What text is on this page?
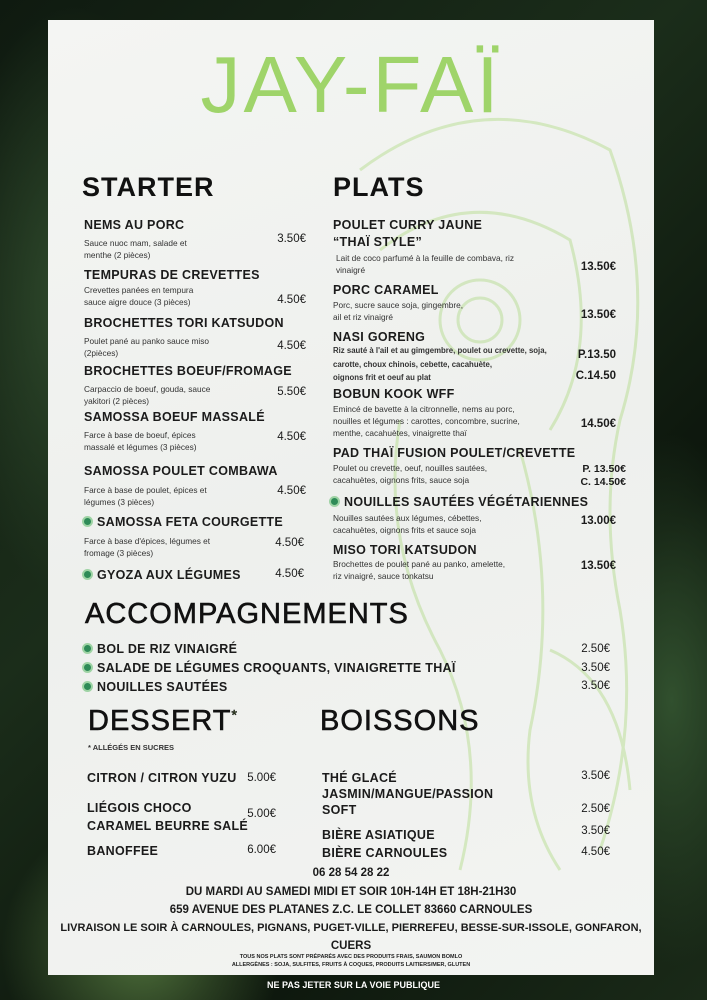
JAY-FAÏ
STARTER
NEMS AU PORC
Sauce nuoc mam, salade et
menthe (2 pièces)
3.50€
TEMPURAS DE CREVETTES
Crevettes panées en tempura
sauce aigre douce (3 pièces)	4.50€
BROCHETTES TORI KATSUDON
Poulet pané au panko sauce miso
(2pièces)
4.50€
BROCHETTES BOEUF/FROMAGE
Carpaccio de boeuf, gouda, sauce
yakitori (2 pièces)
5.50€
SAMOSSA BOEUF MASSALÉ
Farce à base de boeuf, épices
massalé et légumes (3 pièces)
4.50€
SAMOSSA POULET COMBAWA
Farce à base de poulet, épices et
légumes (3 pièces)
4.50€
SAMOSSA FETA COURGETTE
Farce à base d'épices, légumes et
fromage (3 pièces)
4.50€
GYOZA AUX LÉGUMES	4.50€
PLATS
POULET CURRY JAUNE
“THAÏ STYLE”
Lait de coco parfumé à la feuille de combava, riz
vinaigré	13.50€
PORC CARAMEL
Porc, sucre sauce soja, gingembre,
ail et riz vinaigré	13.50€
NASI GORENG
Riz sauté à l'ail et au gimgembre, poulet ou crevette, soja,
carotte, choux chinois, cebette, cacahuète,
oignons frit et oeuf au plat
P.13.50
C.14.50
BOBUN KOOK WFF
Emincé de bavette à la citronnelle, nems au porc,
nouilles et légumes : carottes, concombre, sucrine,
menthe, cacahuètes, vinaigrette thaï
14.50€
PAD THAÏ FUSION POULET/CREVETTE
Poulet ou crevette, oeuf, nouilles sautées,
cacahuètes, oignons frits, sauce soja
P. 13.50€
C. 14.50€
NOUILLES SAUTÉES VÉGÉTARIENNES
Nouilles sautées aux légumes, cébettes,
cacahuètes, oignons frits et sauce soja
13.00€
MISO TORI KATSUDON
Brochettes de poulet pané au panko, amelette,
riz vinaigré, sauce tonkatsu
13.50€
ACCOMPAGNEMENTS
BOL DE RIZ VINAIGRÉ	2.50€
SALADE DE LÉGUMES CROQUANTS, VINAIGRETTE THAÏ	3.50€
NOUILLES SAUTÉES	3.50€
DESSERT*
* ALLÉGÉS EN SUCRES
CITRON / CITRON YUZU 5.00€
LIÉGOIS CHOCO
CARAMEL BEURRE SALÉ
5.00€
BANOFFEE	6.00€
BOISSONS
THÉ GLACÉ
JASMIN/MANGUE/PASSION
3.50€
SOFT	2.50€
BIÈRE ASIATIQUE	3.50€
BIÈRE CARNOULES	4.50€
06 28 54 28 22
DU MARDI AU SAMEDI MIDI ET SOIR 10H-14H ET 18H-21H30
659 AVENUE DES PLATANES Z.C. LE COLLET 83660 CARNOULES
LIVRAISON LE SOIR À CARNOULES, PIGNANS, PUGET-VILLE, PIERREFEU, BESSE-SUR-ISSOLE, GONFARON,
CUERS
TOUS NOS PLATS SONT PRÉPARÉS AVEC DES PRODUITS FRAIS, SAUMON BOMLO
ALLERGÈNES : SOJA, SULFITES, FRUITS À COQUES, PRODUITS LAITIERS/MER, GLUTEN
NE PAS JETER SUR LA VOIE PUBLIQUE
